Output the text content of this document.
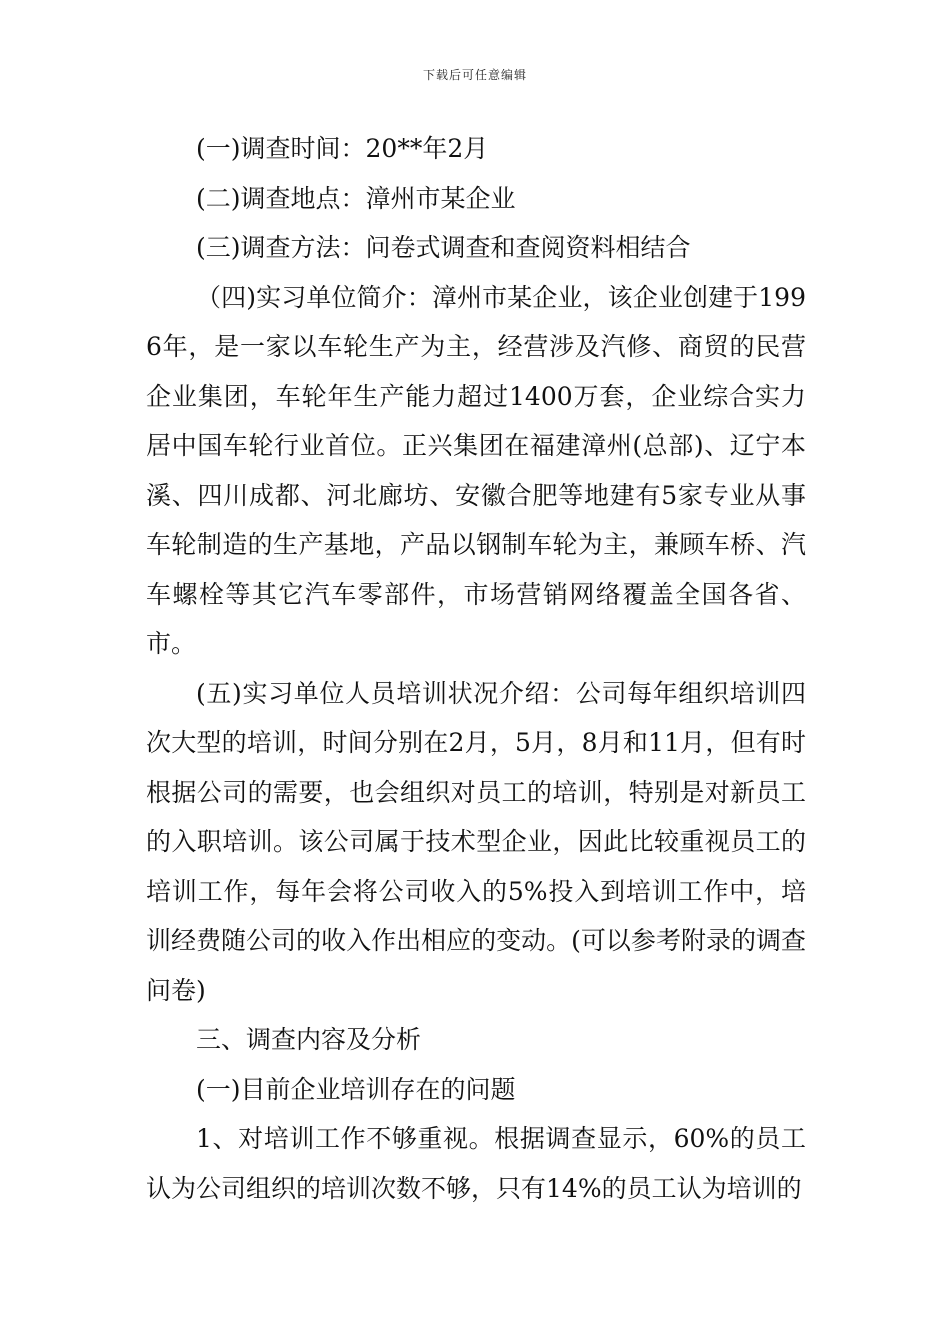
下载后可任意编辑

(一)调查时间：20**年2月

(二)调查地点：漳州市某企业

(三)调查方法：问卷式调查和查阅资料相结合

（四)实习单位简介：漳州市某企业，该企业创建于1996年，是一家以车轮生产为主，经营涉及汽修、商贸的民营企业集团，车轮年生产能力超过1400万套，企业综合实力居中国车轮行业首位。正兴集团在福建漳州(总部)、辽宁本溪、四川成都、河北廊坊、安徽合肥等地建有5家专业从事车轮制造的生产基地，产品以钢制车轮为主，兼顾车桥、汽车螺栓等其它汽车零部件，市场营销网络覆盖全国各省、市。

(五)实习单位人员培训状况介绍：公司每年组织培训四次大型的培训，时间分别在2月，5月，8月和11月，但有时根据公司的需要，也会组织对员工的培训，特别是对新员工的入职培训。该公司属于技术型企业，因此比较重视员工的培训工作，每年会将公司收入的5%投入到培训工作中，培训经费随公司的收入作出相应的变动。(可以参考附录的调查问卷)

三、调查内容及分析

(一)目前企业培训存在的问题

1、对培训工作不够重视。根据调查显示，60%的员工认为公司组织的培训次数不够，只有14%的员工认为培训的
